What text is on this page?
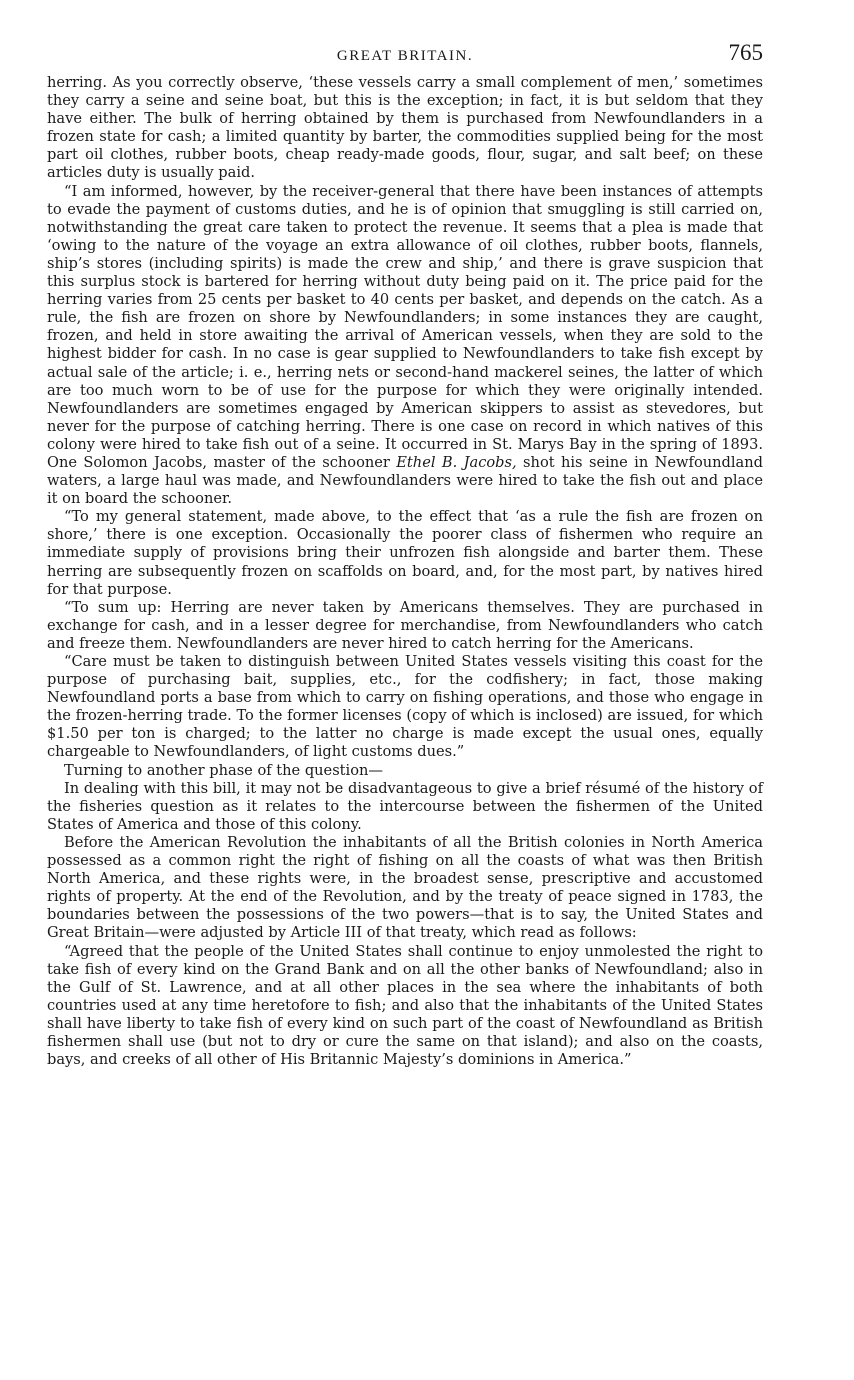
GREAT BRITAIN.	765

herring. As you correctly observe, ‘these vessels carry a small complement of men,’ sometimes they carry a seine and seine boat, but this is the exception; in fact, it is but seldom that they have either. The bulk of herring obtained by them is purchased from Newfoundlanders in a frozen state for cash; a limited quantity by barter, the commodities supplied being for the most part oil clothes, rubber boots, cheap ready-made goods, flour, sugar, and salt beef; on these articles duty is usually paid.

“I am informed, however, by the receiver-general that there have been instances of attempts to evade the payment of customs duties, and he is of opinion that smuggling is still carried on, notwithstanding the great care taken to protect the revenue. It seems that a plea is made that ‘owing to the nature of the voyage an extra allowance of oil clothes, rubber boots, flannels, ship’s stores (including spirits) is made the crew and ship,’ and there is grave suspicion that this surplus stock is bartered for herring without duty being paid on it. The price paid for the herring varies from 25 cents per basket to 40 cents per basket, and depends on the catch. As a rule, the fish are frozen on shore by Newfoundlanders; in some instances they are caught, frozen, and held in store awaiting the arrival of American vessels, when they are sold to the highest bidder for cash. In no case is gear supplied to Newfoundlanders to take fish except by actual sale of the article; i. e., herring nets or second-hand mackerel seines, the latter of which are too much worn to be of use for the purpose for which they were originally intended. Newfoundlanders are sometimes engaged by American skippers to assist as stevedores, but never for the purpose of catching herring. There is one case on record in which natives of this colony were hired to take fish out of a seine. It occurred in St. Marys Bay in the spring of 1893. One Solomon Jacobs, master of the schooner Ethel B. Jacobs, shot his seine in Newfoundland waters, a large haul was made, and Newfoundlanders were hired to take the fish out and place it on board the schooner.

“To my general statement, made above, to the effect that ‘as a rule the fish are frozen on shore,’ there is one exception. Occasionally the poorer class of fishermen who require an immediate supply of provisions bring their unfrozen fish alongside and barter them. These herring are subsequently frozen on scaffolds on board, and, for the most part, by natives hired for that purpose.

“To sum up: Herring are never taken by Americans themselves. They are purchased in exchange for cash, and in a lesser degree for merchandise, from Newfoundlanders who catch and freeze them. Newfoundlanders are never hired to catch herring for the Americans.

“Care must be taken to distinguish between United States vessels visiting this coast for the purpose of purchasing bait, supplies, etc., for the codfishery; in fact, those making Newfoundland ports a base from which to carry on fishing operations, and those who engage in the frozen-herring trade. To the former licenses (copy of which is inclosed) are issued, for which $1.50 per ton is charged; to the latter no charge is made except the usual ones, equally chargeable to Newfoundlanders, of light customs dues.”

Turning to another phase of the question—

In dealing with this bill, it may not be disadvantageous to give a brief résumé of the history of the fisheries question as it relates to the intercourse between the fishermen of the United States of America and those of this colony.

Before the American Revolution the inhabitants of all the British colonies in North America possessed as a common right the right of fishing on all the coasts of what was then British North America, and these rights were, in the broadest sense, prescriptive and accustomed rights of property. At the end of the Revolution, and by the treaty of peace signed in 1783, the boundaries between the possessions of the two powers—that is to say, the United States and Great Britain—were adjusted by Article III of that treaty, which read as follows:

“Agreed that the people of the United States shall continue to enjoy unmolested the right to take fish of every kind on the Grand Bank and on all the other banks of Newfoundland; also in the Gulf of St. Lawrence, and at all other places in the sea where the inhabitants of both countries used at any time heretofore to fish; and also that the inhabitants of the United States shall have liberty to take fish of every kind on such part of the coast of Newfoundland as British fishermen shall use (but not to dry or cure the same on that island); and also on the coasts, bays, and creeks of all other of His Britannic Majesty’s dominions in America.”
